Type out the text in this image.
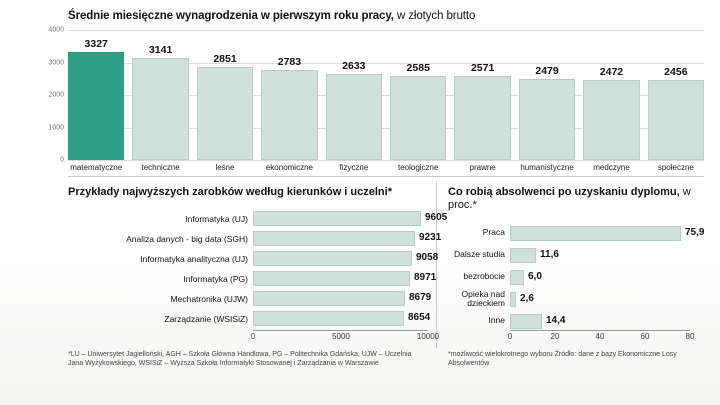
Średnie miesięczne wynagrodzenia w pierwszym roku pracy, w złotych brutto
0
1000
2000
3000
4000
3327
matematyczne
3141
techniczne
2851
leśne
2783
ekonomiczne
2633
fizyczne
2585
teologiczne
2571
prawne
2479
humanistyczne
2472
medczyne
2456
społeczne
Przykłady najwyższych zarobków według kierunków i uczelni*
Informatyka (UJ)	9605
Analiza danych - big data (SGH)	9231
Informatyka analityczna (UJ)	9058
Informatyka (PG)	8971
Mechatronika (UJW)	8679
Zarządzanie (WSISiZ)	8654
0	5000	10000
*LU – Uniwersytet Jagielloński, AGH – Szkoła Główna Handlowa, PG – Politechnika Gdańska, UJW – Uczelnia Jana Wyżykowskiego, WSISiZ – Wyższa Szkoła Informatyki Stosowanej i Zarządzania w Warszawie
Co robią absolwenci po uzyskaniu dyplomu, w proc.*
Praca	75,9
Dalsze studia	11,6
bezrobocie	6,0
Opieka nad dzieckiem	2,6
Inne	14,4
0	20	40	60	80
*możliwość wielokrotnego wyboru Źródło: dane z bazy Ekonomiczne Losy Absolwentów
